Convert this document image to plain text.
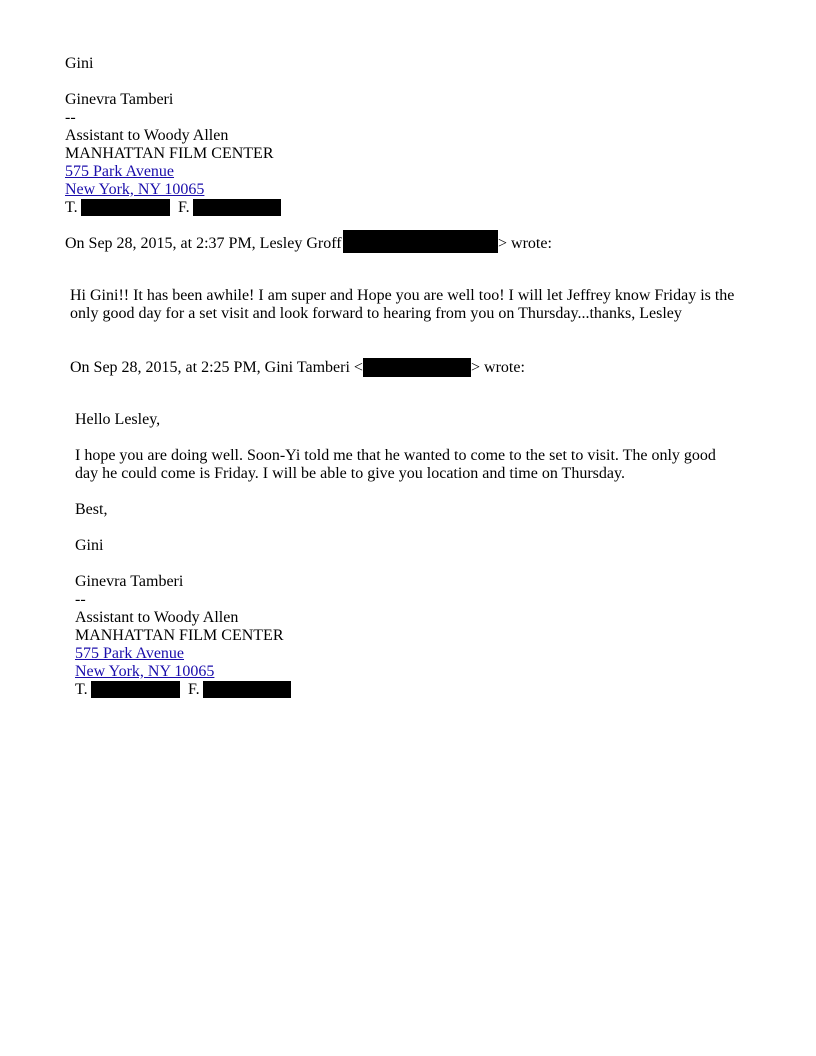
Gini
Ginevra Tamberi
--
Assistant to Woody Allen
MANHATTAN FILM CENTER
575 Park Avenue
New York, NY 10065
T.	F.
On Sep 28, 2015, at 2:37 PM, Lesley Groff	> wrote:
Hi Gini!! It has been awhile! I am super and Hope you are well too! I will let Jeffrey know Friday is the
only good day for a set visit and look forward to hearing from you on Thursday...thanks, Lesley
On Sep 28, 2015, at 2:25 PM, Gini Tamberi <	> wrote:
Hello Lesley,
I hope you are doing well. Soon-Yi told me that he wanted to come to the set to visit. The only good
day he could come is Friday. I will be able to give you location and time on Thursday.
Best,
Gini
Ginevra Tamberi
--
Assistant to Woody Allen
MANHATTAN FILM CENTER
575 Park Avenue
New York, NY 10065
T.	F.
